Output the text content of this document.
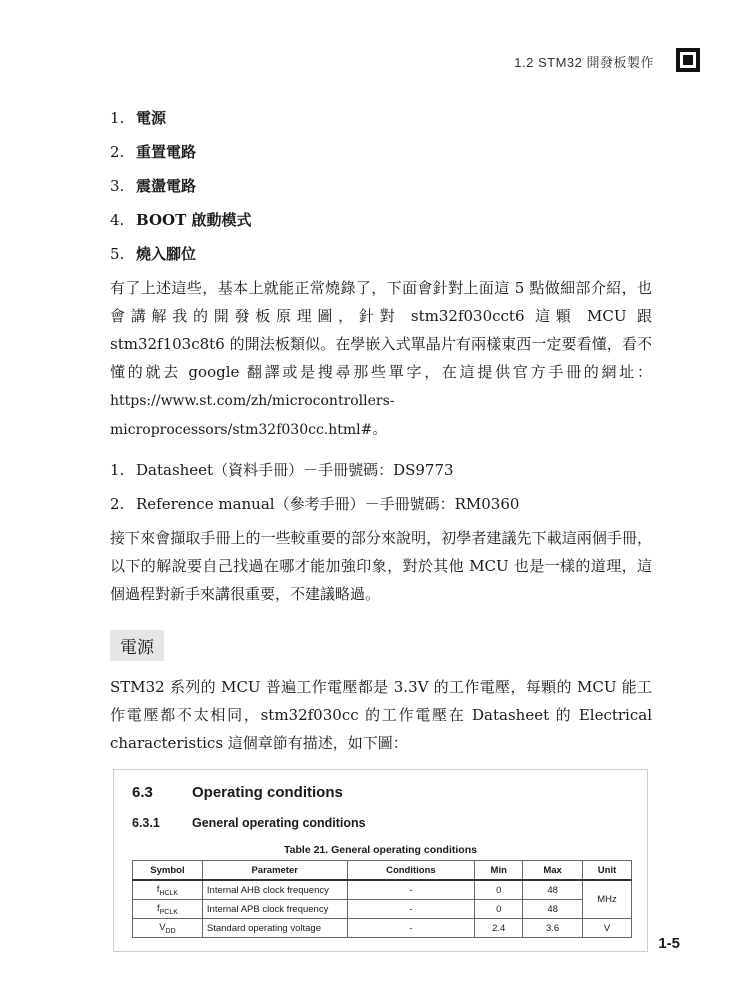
1.2 STM32 開發板製作
1. 電源
2. 重置電路
3. 震盪電路
4. BOOT 啟動模式
5. 燒入腳位

有了上述這些，基本上就能正常燒錄了，下面會針對上面這 5 點做細部介紹，也會講解我的開發板原理圖，針對 stm32f030cct6 這顆 MCU 跟 stm32f103c8t6 的開法板類似。在學嵌入式單晶片有兩樣東西一定要看懂，看不懂的就去 google 翻譯或是搜尋那些單字，在這提供官方手冊的網址：https://www.st.com/zh/microcontrollers-microprocessors/stm32f030cc.html#。

1. Datasheet（資料手冊）－手冊號碼：DS9773
2. Reference manual（參考手冊）－手冊號碼：RM0360

接下來會擷取手冊上的一些較重要的部分來說明，初學者建議先下載這兩個手冊，以下的解說要自己找過在哪才能加強印象，對於其他 MCU 也是一樣的道理，這個過程對新手來講很重要，不建議略過。

電源

STM32 系列的 MCU 普遍工作電壓都是 3.3V 的工作電壓，每顆的 MCU 能工作電壓都不太相同，stm32f030cc 的工作電壓在 Datasheet 的 Electrical characteristics 這個章節有描述，如下圖：

6.3	Operating conditions
6.3.1	General operating conditions
Table 21. General operating conditions
Symbol	Parameter	Conditions	Min	Max	Unit
$f_{HCLK}$	Internal AHB clock frequency	-	0	48	MHz
$f_{PCLK}$	Internal APB clock frequency	-	0	48	
$V_{DD}$	Standard operating voltage	-	2.4	3.6	V
1-5
